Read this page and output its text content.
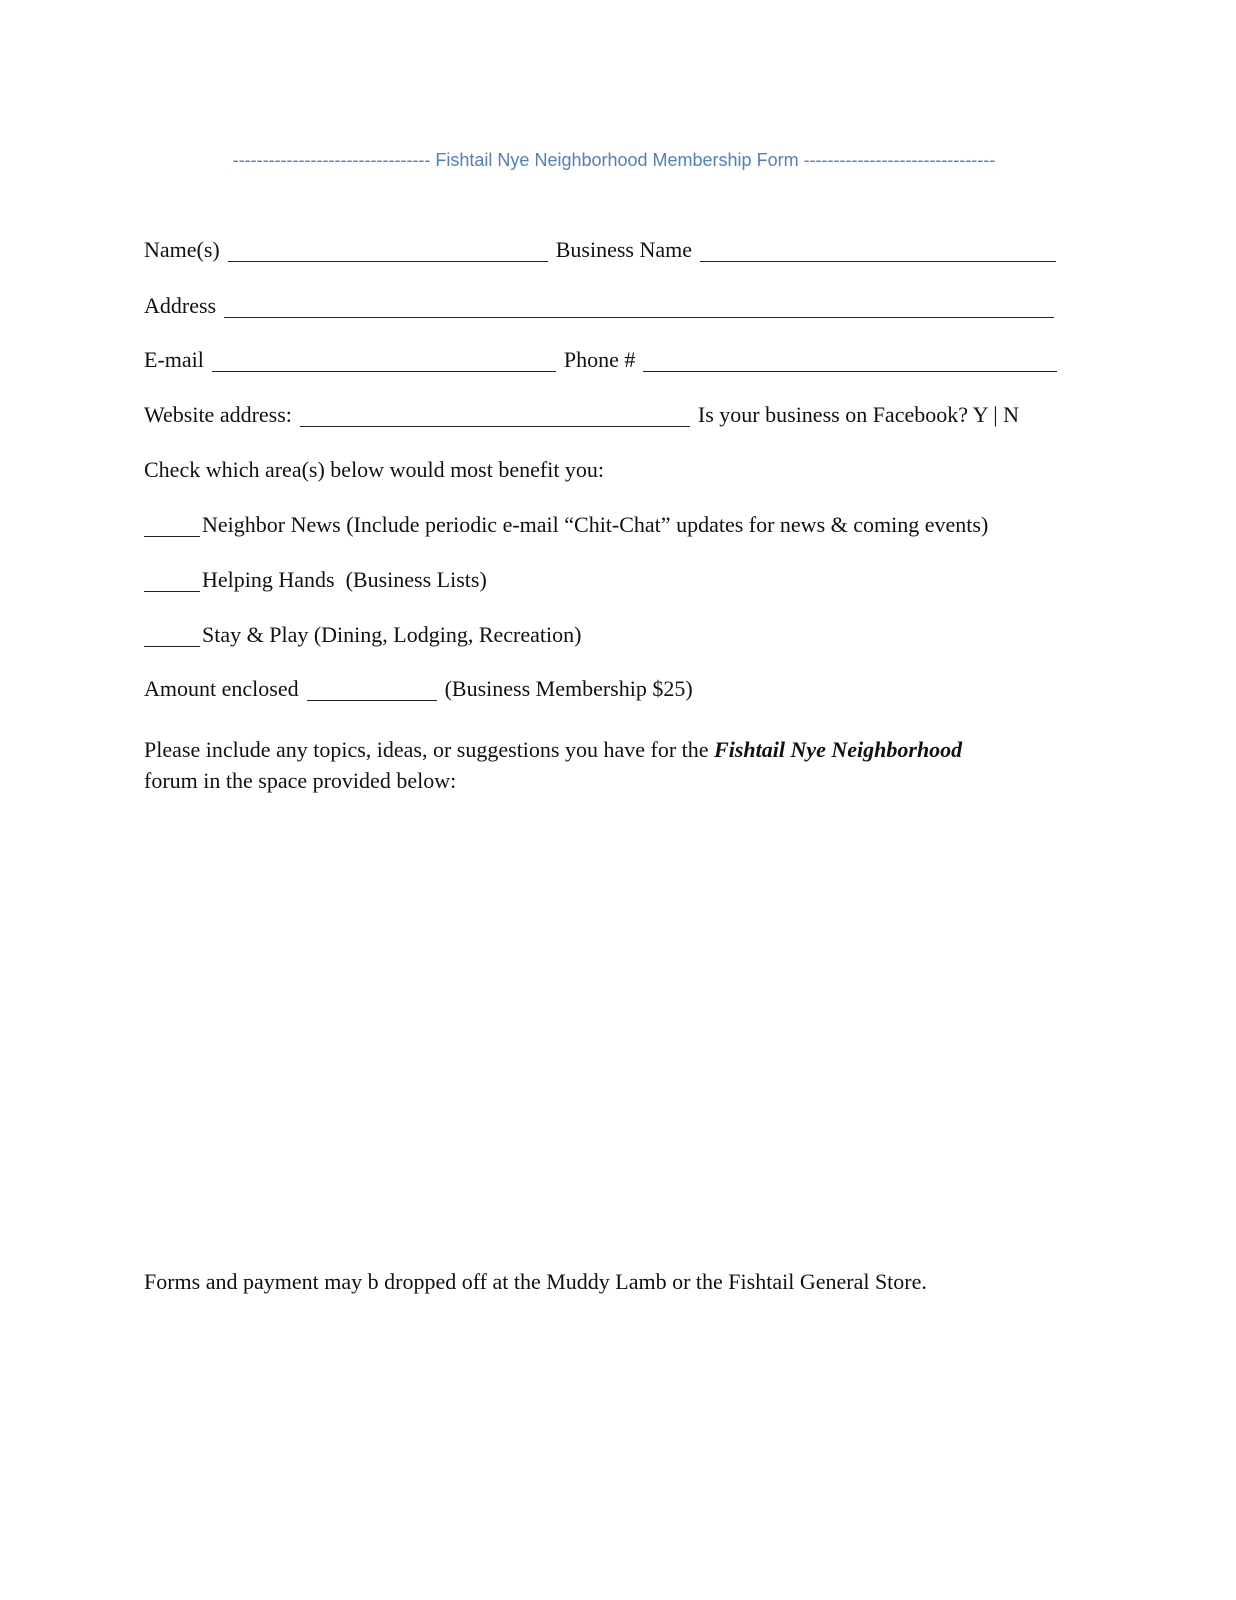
--------------------------------- Fishtail Nye Neighborhood Membership Form --------------------------------
Name(s)	Business Name
Address
E-mail	Phone #
Website address:	Is your business on Facebook? Y | N
Check which area(s) below would most benefit you:
Neighbor News (Include periodic e-mail “Chit-Chat” updates for news & coming events)
Helping Hands  (Business Lists)
Stay & Play (Dining, Lodging, Recreation)
Amount enclosed	(Business Membership $25)
Please include any topics, ideas, or suggestions you have for the Fishtail Nye Neighborhood
forum in the space provided below:
Forms and payment may b dropped off at the Muddy Lamb or the Fishtail General Store.
